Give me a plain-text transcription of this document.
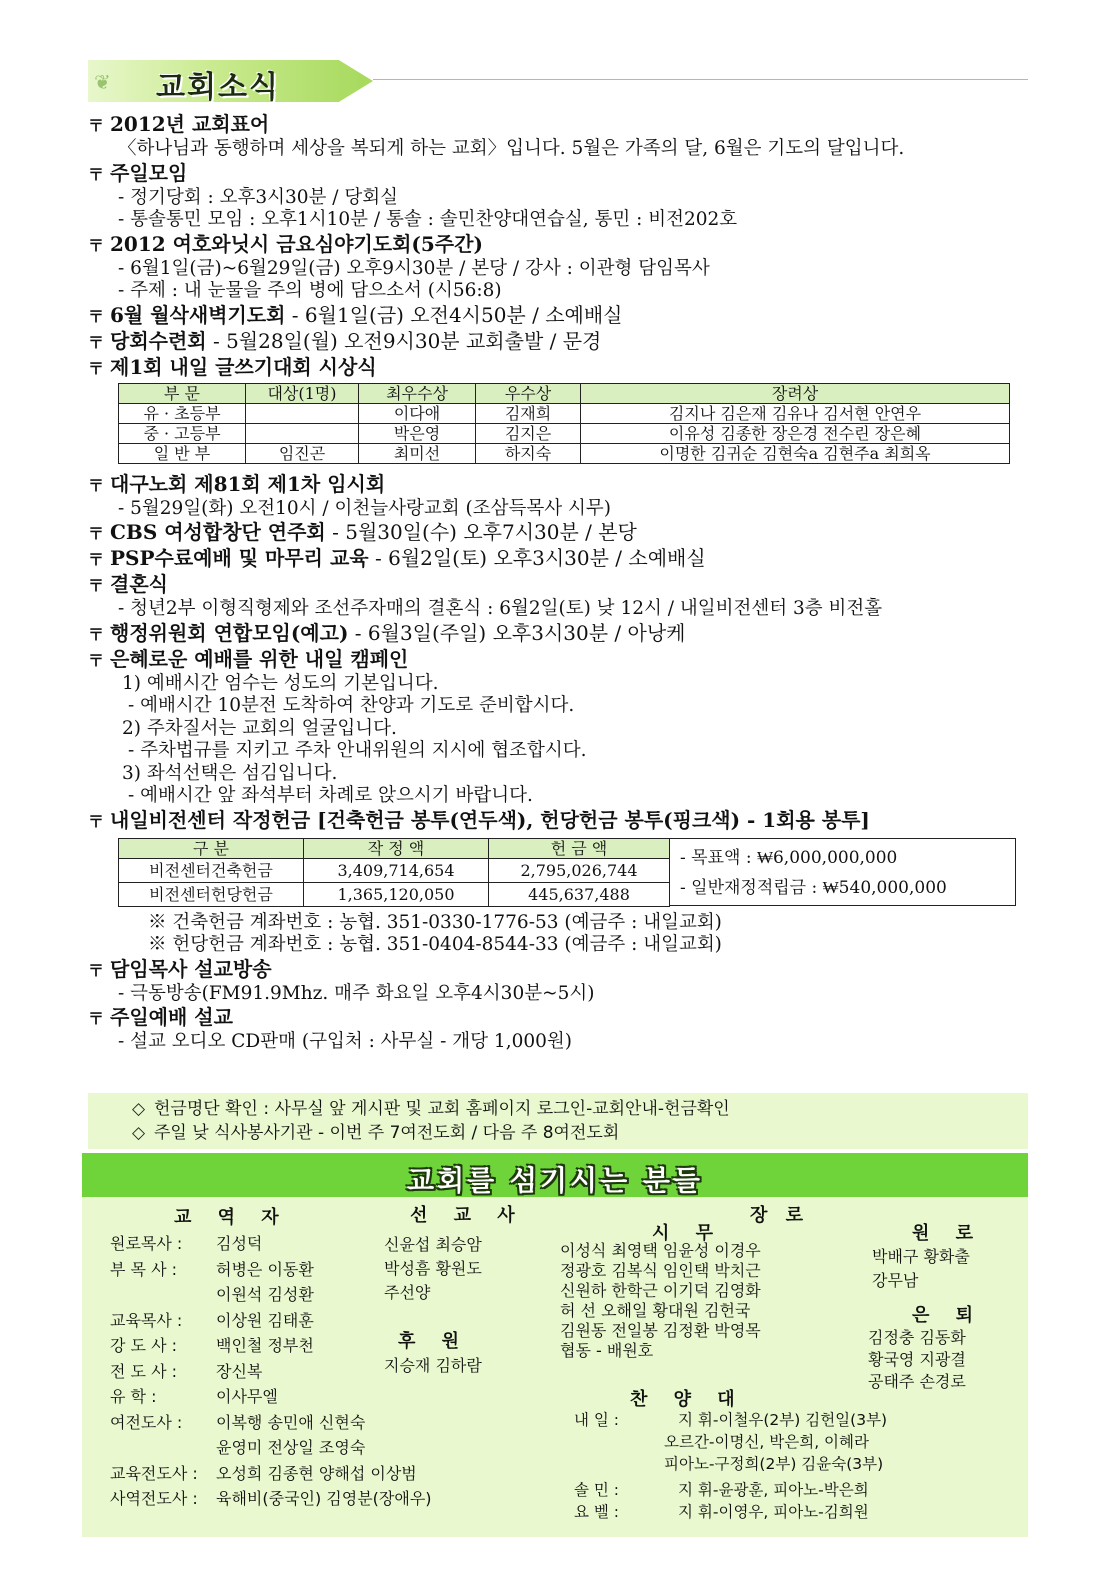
❦ 교회소식
〒 2012년 교회표어
〈하나님과 동행하며 세상을 복되게 하는 교회〉입니다. 5월은 가족의 달, 6월은 기도의 달입니다.
〒 주일모임
- 정기당회 : 오후3시30분 / 당회실
- 통솔통민 모임 : 오후1시10분 / 통솔 : 솔민찬양대연습실, 통민 : 비전202호
〒 2012 여호와닛시 금요심야기도회(5주간)
- 6월1일(금)~6월29일(금) 오후9시30분 / 본당 / 강사 : 이관형 담임목사
- 주제 : 내 눈물을 주의 병에 담으소서 (시56:8)
〒 6월 월삭새벽기도회 - 6월1일(금) 오전4시50분 / 소예배실
〒 당회수련회 - 5월28일(월) 오전9시30분 교회출발 / 문경
〒 제1회 내일 글쓰기대회 시상식
부 문	대상(1명)	최우수상	우수상	장려상
유 · 초등부		이다애	김재희	김지나 김은재 김유나 김서현 안연우
중 · 고등부		박은영	김지은	이유성 김종한 장은경 전수린 장은혜
일 반 부	임진곤	최미선	하지숙	이명한 김귀순 김현숙a 김현주a 최희옥
〒 대구노회 제81회 제1차 임시회
- 5월29일(화) 오전10시 / 이천늘사랑교회 (조삼득목사 시무)
〒 CBS 여성합창단 연주회 - 5월30일(수) 오후7시30분 / 본당
〒 PSP수료예배 및 마무리 교육 - 6월2일(토) 오후3시30분 / 소예배실
〒 결혼식
- 청년2부 이형직형제와 조선주자매의 결혼식 : 6월2일(토) 낮 12시 / 내일비전센터 3층 비전홀
〒 행정위원회 연합모임(예고) - 6월3일(주일) 오후3시30분 / 아낭케
〒 은혜로운 예배를 위한 내일 캠페인
1) 예배시간 엄수는 성도의 기본입니다.
- 예배시간 10분전 도착하여 찬양과 기도로 준비합시다.
2) 주차질서는 교회의 얼굴입니다.
- 주차법규를 지키고 주차 안내위원의 지시에 협조합시다.
3) 좌석선택은 섬김입니다.
- 예배시간 앞 좌석부터 차례로 앉으시기 바랍니다.
〒 내일비전센터 작정헌금 [건축헌금 봉투(연두색), 헌당헌금 봉투(핑크색) - 1회용 봉투]
구 분	작 정 액	헌 금 액
비전센터건축헌금	3,409,714,654	2,795,026,744
비전센터헌당헌금	1,365,120,050	445,637,488
- 목표액 : ₩6,000,000,000
- 일반재정적립금 : ₩540,000,000
※ 건축헌금 계좌번호 : 농협. 351-0330-1776-53 (예금주 : 내일교회)
※ 헌당헌금 계좌번호 : 농협. 351-0404-8544-33 (예금주 : 내일교회)
〒 담임목사 설교방송
- 극동방송(FM91.9Mhz. 매주 화요일 오후4시30분~5시)
〒 주일예배 설교
- 설교 오디오 CD판매 (구입처 : 사무실 - 개당 1,000원)
◇ 헌금명단 확인 : 사무실 앞 게시판 및 교회 홈페이지 로그인-교회안내-헌금확인
◇ 주일 낮 식사봉사기관 - 이번 주 7여전도회 / 다음 주 8여전도회
교회를 섬기시는 분들
교 역 자
원로목사 : 김성덕
부 목 사 : 허병은 이동환
이원석 김성환
교육목사 : 이상원 김태훈
강 도 사 : 백인철 정부천
전 도 사 : 장신복
유 학 :	이사무엘
여전도사 : 이복행 송민애 신현숙
윤영미 전상일 조영숙
교육전도사 : 오성희 김종현 양해섭 이상범
사역전도사 : 육해비(중국인) 김영분(장애우)
선 교 사
신윤섭 최승암
박성흠 황원도
주선양
후 원
지승재 김하람
장 로
시 무
이성식 최영택 임윤성 이경우
정광호 김복식 임인택 박치근
신원하 한학근 이기덕 김영화
허 선 오해일 황대원 김헌국
김원동 전일봉 김정환 박영목
협동 - 배원호
원 로
박배구 황화출
강무남
은 퇴
김정충 김동화
황국영 지광결
공태주 손경로
찬 양 대
내 일 :	지 휘-이철우(2부) 김헌일(3부)
오르간-이명신, 박은희, 이혜라
피아노-구정희(2부) 김윤숙(3부)
솔 민 :	지 휘-윤광훈, 피아노-박은희
요 벨 :	지 휘-이영우, 피아노-김희원
